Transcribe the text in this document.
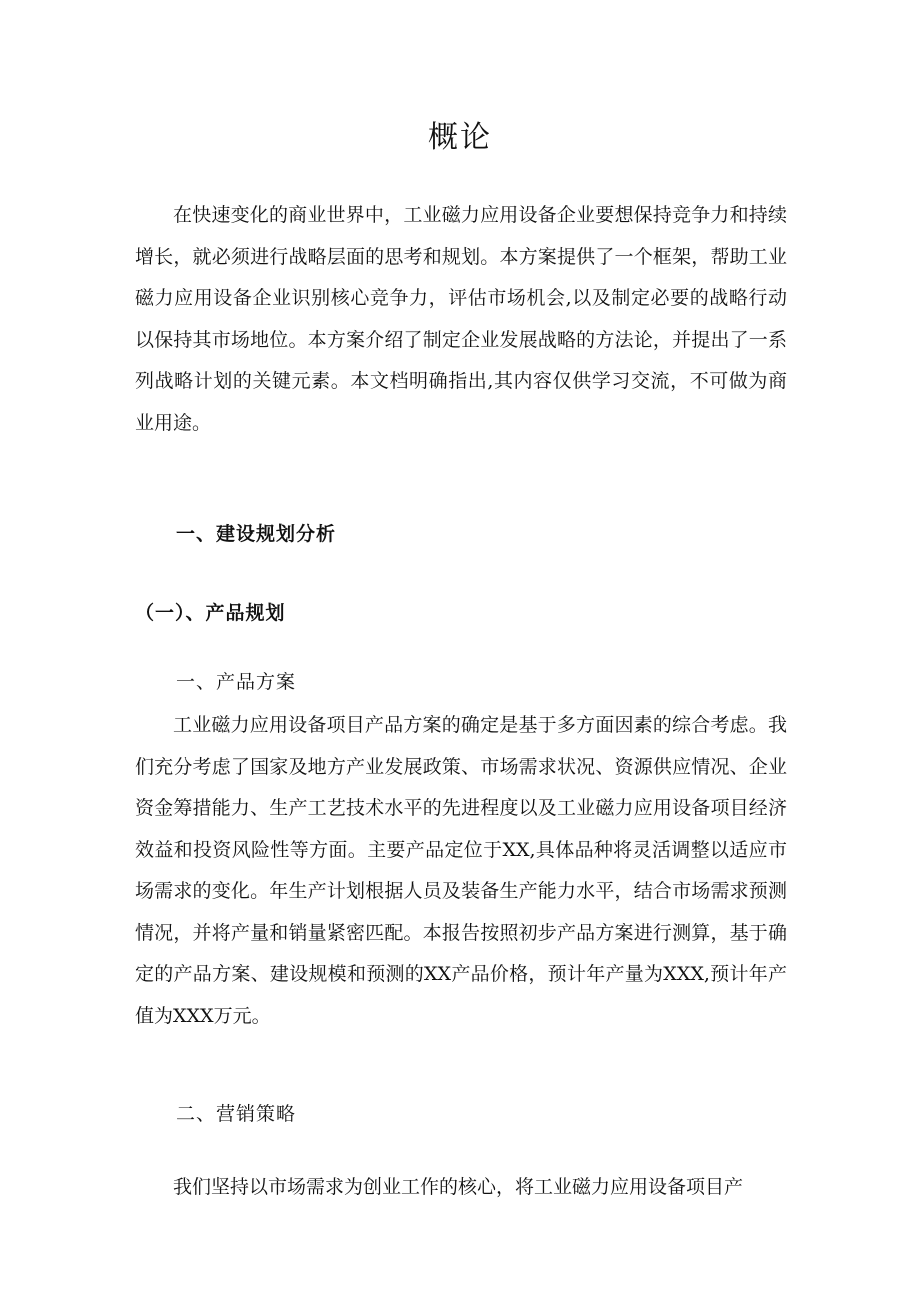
概论

在快速变化的商业世界中，工业磁力应用设备企业要想保持竞争力和持续增长，就必须进行战略层面的思考和规划。本方案提供了一个框架，帮助工业磁力应用设备企业识别核心竞争力，评估市场机会,以及制定必要的战略行动以保持其市场地位。本方案介绍了制定企业发展战略的方法论，并提出了一系列战略计划的关键元素。本文档明确指出,其内容仅供学习交流，不可做为商业用途。

一、建设规划分析
（一）、产品规划
一、产品方案

工业磁力应用设备项目产品方案的确定是基于多方面因素的综合考虑。我们充分考虑了国家及地方产业发展政策、市场需求状况、资源供应情况、企业资金筹措能力、生产工艺技术水平的先进程度以及工业磁力应用设备项目经济效益和投资风险性等方面。主要产品定位于XX,具体品种将灵活调整以适应市场需求的变化。年生产计划根据人员及装备生产能力水平，结合市场需求预测情况，并将产量和销量紧密匹配。本报告按照初步产品方案进行测算，基于确定的产品方案、建设规模和预测的XX产品价格，预计年产量为XXX,预计年产值为XXX万元。

二、营销策略

我们坚持以市场需求为创业工作的核心，将工业磁力应用设备项目产
